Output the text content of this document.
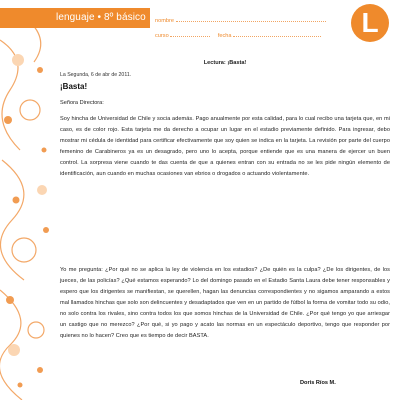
lenguaje • 8º básico nombre
curso	fecha	L
Lectura: ¡Basta!
La Segunda, 6 de abr de 2011.
¡Basta!
Señora Directora:
Soy hincha de Universidad de Chile y socia además. Pago anualmente por esta calidad, para lo cual recibo una tarjeta que, en mi caso, es de color rojo. Esta tarjeta me da derecho a ocupar un lugar en el estadio previamente definido. Para ingresar, debo mostrar mi cédula de identidad para certificar efectivamente que soy quien se indica en la tarjeta. La revisión por parte del cuerpo femenino de Carabineros ya es un desagrado, pero uno lo acepta, porque entiende que es una manera de ejercer un buen control. La sorpresa viene cuando te das cuenta de que a quienes entran con su entrada no se les pide ningún elemento de identificación, aun cuando en muchas ocasiones van ebrios o drogados o actuando violentamente.
Yo me pregunta: ¿Por qué no se aplica la ley de violencia en los estadios? ¿De quién es la culpa? ¿De los dirigentes, de los jueces, de las policías? ¿Qué estamos esperando? Lo del domingo pasado en el Estadio Santa Laura debe tener responsables y espero que los dirigentes se manifiestan, se querellen, hagan las denuncias correspondientes y no sigamos amparando a estos mal llamados hinchas que solo son delincuentes y desadaptados que ven en un partido de fútbol la forma de vomitar todo su odio, no solo contra los rivales, sino contra todos los que somos hinchas de la Universidad de Chile. ¿Por qué tengo yo que arriesgar un castigo que no merezco? ¿Por qué, si yo pago y acato las normas en un espectáculo deportivo, tengo que responder por quienes no lo hacen? Creo que es tiempo de decir BASTA.
Doris Ríos M.
